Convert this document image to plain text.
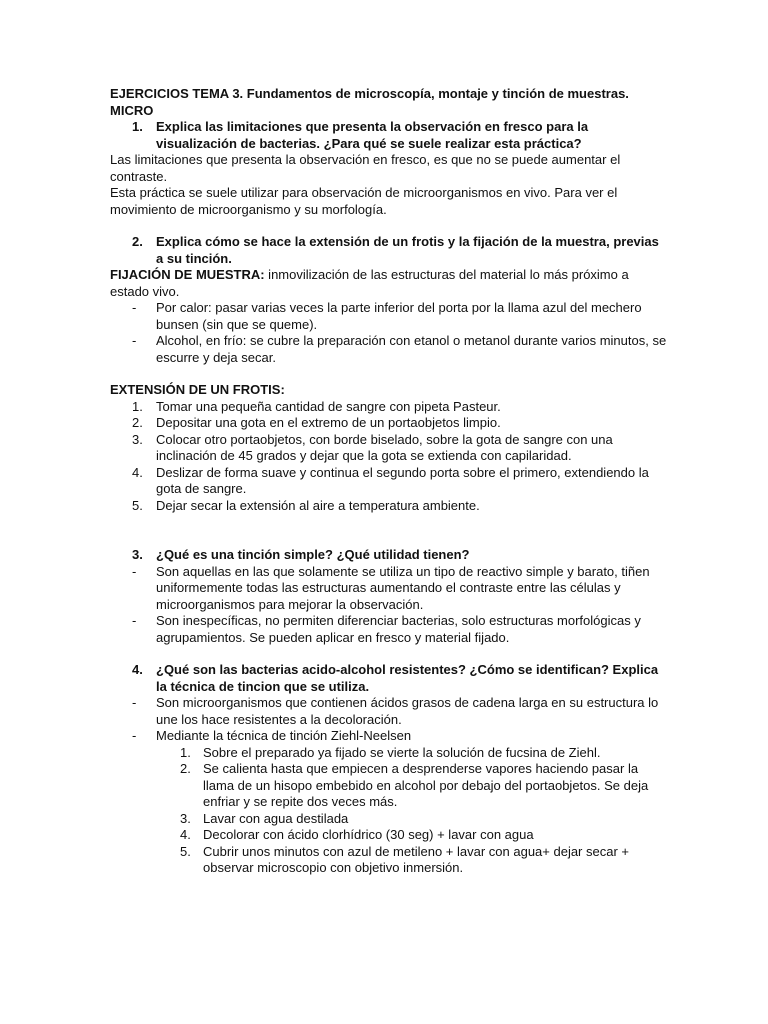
EJERCICIOS TEMA 3. Fundamentos de microscopía, montaje y tinción de muestras. MICRO

1. Explica las limitaciones que presenta la observación en fresco para la visualización de bacterias. ¿Para qué se suele realizar esta práctica?

Las limitaciones que presenta la observación en fresco, es que no se puede aumentar el contraste.

Esta práctica se suele utilizar para observación de microorganismos en vivo. Para ver el movimiento de microorganismo y su morfología.

2. Explica cómo se hace la extensión de un frotis y la fijación de la muestra, previas a su tinción.

FIJACIÓN DE MUESTRA: inmovilización de las estructuras del material lo más próximo a estado vivo.

- Por calor: pasar varias veces la parte inferior del porta por la llama azul del mechero bunsen (sin que se queme).
- Alcohol, en frío: se cubre la preparación con etanol o metanol durante varios minutos, se escurre y deja secar.

EXTENSIÓN DE UN FROTIS:

1. Tomar una pequeña cantidad de sangre con pipeta Pasteur.
2. Depositar una gota en el extremo de un portaobjetos limpio.
3. Colocar otro portaobjetos, con borde biselado, sobre la gota de sangre con una inclinación de 45 grados y dejar que la gota se extienda con capilaridad.
4. Deslizar de forma suave y continua el segundo porta sobre el primero, extendiendo la gota de sangre.
5. Dejar secar la extensión al aire a temperatura ambiente.
3. ¿Qué es una tinción simple? ¿Qué utilidad tienen?
- Son aquellas en las que solamente se utiliza un tipo de reactivo simple y barato, tiñen uniformemente todas las estructuras aumentando el contraste entre las células y microorganismos para mejorar la observación.
- Son inespecíficas, no permiten diferenciar bacterias, solo estructuras morfológicas y agrupamientos. Se pueden aplicar en fresco y material fijado.
4. ¿Qué son las bacterias acido-alcohol resistentes? ¿Cómo se identifican? Explica la técnica de tincion que se utiliza.
- Son microorganismos que contienen ácidos grasos de cadena larga en su estructura lo une los hace resistentes a la decoloración.
- Mediante la técnica de tinción Ziehl-Neelsen
1. Sobre el preparado ya fijado se vierte la solución de fucsina de Ziehl.
2. Se calienta hasta que empiecen a desprenderse vapores haciendo pasar la llama de un hisopo embebido en alcohol por debajo del portaobjetos. Se deja enfriar y se repite dos veces más.
3. Lavar con agua destilada
4. Decolorar con ácido clorhídrico (30 seg) + lavar con agua
5. Cubrir unos minutos con azul de metileno + lavar con agua+ dejar secar + observar microscopio con objetivo inmersión.
